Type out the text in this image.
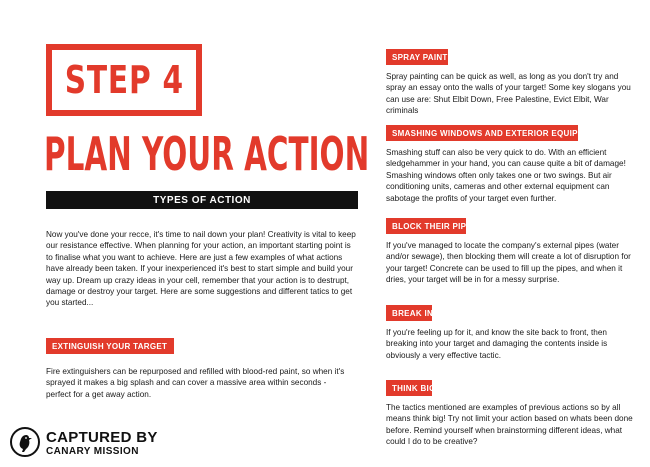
STEP 4
PLAN YOUR ACTION
TYPES OF ACTION
Now you've done your recce, it's time to nail down your plan! Creativity is vital to keep our resistance effective. When planning for your action, an important starting point is to finalise what you want to achieve. Here are just a few examples of what actions have already been taken. If your inexperienced it's best to start simple and build your way up. Dream up crazy ideas in your cell, remember that your action is to destrupt, damage or destroy your target. Here are some suggestions and different tatics to get you started...
EXTINGUISH YOUR TARGET
Fire extinguishers can be repurposed and refilled with blood-red paint, so when it's sprayed it makes a big splash and can cover a massive area within seconds - perfect for a get away action.
SPRAY PAINT
Spray painting can be quick as well, as long as you don't try and spray an essay onto the walls of your target! Some key slogans you can use are: Shut Elbit Down, Free Palestine, Evict Elbit, War criminals
SMASHING WINDOWS AND EXTERIOR EQUIPMENT
Smashing stuff can also be very quick to do. With an efficient sledgehammer in your hand, you can cause quite a bit of damage! Smashing windows often only takes one or two swings. But air conditioning units, cameras and other external equipment can sabotage the profits of your target even further.
BLOCK THEIR PIPES
If you've managed to locate the company's external pipes (water and/or sewage), then blocking them will create a lot of disruption for your target! Concrete can be used to fill up the pipes, and when it dries, your target will be in for a messy surprise.
BREAK IN
If you're feeling up for it, and know the site back to front, then breaking into your target and damaging the contents inside is obviously a very effective tactic.
THINK BIG
The tactics mentioned are examples of previous actions so by all means think big! Try not limit your action based on whats been done before. Remind yourself when brainstorming different ideas, what could I do to be creative?
CAPTURED BY
CANARY MISSION
